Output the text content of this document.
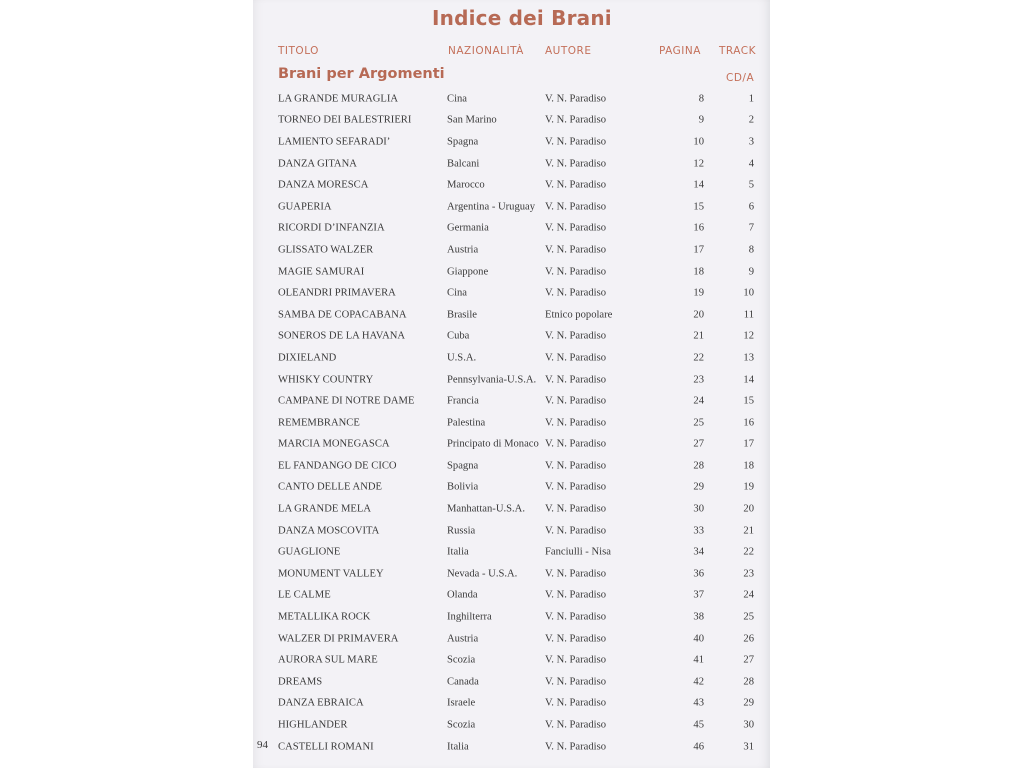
Indice dei Brani
TITOLO	NAZIONALITÀ AUTORE	PAGINA TRACK
Brani per Argomenti	CD/A
LA GRANDE MURAGLIA	Cina	V. N. Paradiso	8	1
TORNEO DEI BALESTRIERI	San Marino	V. N. Paradiso	9	2
LAMIENTO SEFARADI’	Spagna	V. N. Paradiso	10	3
DANZA GITANA	Balcani	V. N. Paradiso	12	4
DANZA MORESCA	Marocco	V. N. Paradiso	14	5
GUAPERIA	Argentina - Uruguay V. N. Paradiso	15	6
RICORDI D’INFANZIA	Germania	V. N. Paradiso	16	7
GLISSATO WALZER	Austria	V. N. Paradiso	17	8
MAGIE SAMURAI	Giappone	V. N. Paradiso	18	9
OLEANDRI PRIMAVERA	Cina	V. N. Paradiso	19	10
SAMBA DE COPACABANA	Brasile	Etnico popolare	20	11
SONEROS DE LA HAVANA	Cuba	V. N. Paradiso	21	12
DIXIELAND	U.S.A.	V. N. Paradiso	22	13
WHISKY COUNTRY	Pennsylvania-U.S.A. V. N. Paradiso	23	14
CAMPANE DI NOTRE DAME	Francia	V. N. Paradiso	24	15
REMEMBRANCE	Palestina	V. N. Paradiso	25	16
MARCIA MONEGASCA	Principato di Monaco V. N. Paradiso	27	17
EL FANDANGO DE CICO	Spagna	V. N. Paradiso	28	18
CANTO DELLE ANDE	Bolivia	V. N. Paradiso	29	19
LA GRANDE MELA	Manhattan-U.S.A. V. N. Paradiso	30	20
DANZA MOSCOVITA	Russia	V. N. Paradiso	33	21
GUAGLIONE	Italia	Fanciulli - Nisa	34	22
MONUMENT VALLEY	Nevada - U.S.A.	V. N. Paradiso	36	23
LE CALME	Olanda	V. N. Paradiso	37	24
METALLIKA ROCK	Inghilterra	V. N. Paradiso	38	25
WALZER DI PRIMAVERA	Austria	V. N. Paradiso	40	26
AURORA SUL MARE	Scozia	V. N. Paradiso	41	27
DREAMS	Canada	V. N. Paradiso	42	28
DANZA EBRAICA	Israele	V. N. Paradiso	43	29
HIGHLANDER	Scozia	V. N. Paradiso	45	30
CASTELLI ROMANI	Italia	V. N. Paradiso	46	31
94
